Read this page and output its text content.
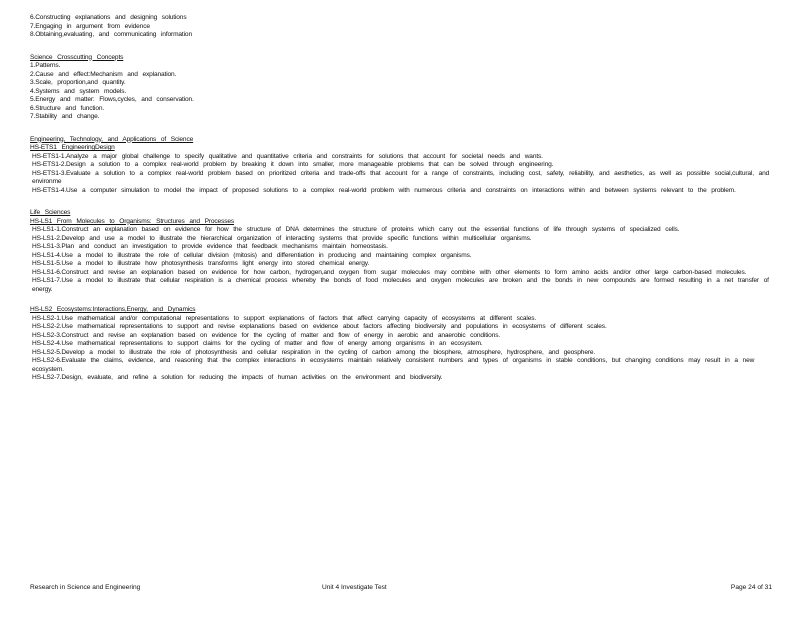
6.Constructing explanations and designing solutions
7.Engaging in argument from evidence
8.Obtaining,evaluating, and communicating information
Science Crosscutting Concepts
1.Patterns.
2.Cause and effect:Mechanism and explanation.
3.Scale, proportion,and quantity.
4.Systems and system models.
5.Energy and matter: Flows,cycles, and conservation.
6.Structure and function.
7.Stability and change.
Engineering, Technology, and Applications of Science
HS-ETS1 EngineeringDesign
HS-ETS1-1.Analyze a major global challenge to specify qualitative and quantitative criteria and constraints for solutions that account for societal needs and wants.
HS-ETS1-2.Design a solution to a complex real-world problem by breaking it down into smaller, more manageable problems that can be solved through engineering.
HS-ETS1-3.Evaluate a solution to a complex real-world problem based on prioritized criteria and trade-offs that account for a range of constraints, including cost, safety, reliability, and aesthetics, as well as possible social,cultural, and environme
HS-ETS1-4.Use a computer simulation to model the impact of proposed solutions to a complex real-world problem with numerous criteria and constraints on interactions within and between systems relevant to the problem.
Life Sciences
HS-LS1 From Molecules to Organisms: Structures and Processes
HS-LS1-1.Construct an explanation based on evidence for how the structure of DNA determines the structure of proteins which carry out the essential functions of life through systems of specialized cells.
HS-LS1-2.Develop and use a model to illustrate the hierarchical organization of interacting systems that provide specific functions within multicellular organisms.
HS-LS1-3.Plan and conduct an investigation to provide evidence that feedback mechanisms maintain homeostasis.
HS-LS1-4.Use a model to illustrate the role of cellular division (mitosis) and differentiation in producing and maintaining complex organisms.
HS-LS1-5.Use a model to illustrate how photosynthesis transforms light energy into stored chemical energy.
HS-LS1-6.Construct and revise an explanation based on evidence for how carbon, hydrogen,and oxygen from sugar molecules may combine with other elements to form amino acids and/or other large carbon-based molecules.
HS-LS1-7.Use a model to illustrate that cellular respiration is a chemical process whereby the bonds of food molecules and oxygen molecules are broken and the bonds in new compounds are formed resulting in a net transfer of energy.
HS-LS2 Ecosystems:Interactions,Energy, and Dynamics
HS-LS2-1.Use mathematical and/or computational representations to support explanations of factors that affect carrying capacity of ecosystems at different scales.
HS-LS2-2.Use mathematical representations to support and revise explanations based on evidence about factors affecting biodiversity and populations in ecosystems of different scales.
HS-LS2-3.Construct and revise an explanation based on evidence for the cycling of matter and flow of energy in aerobic and anaerobic conditions.
HS-LS2-4.Use mathematical representations to support claims for the cycling of matter and flow of energy among organisms in an ecosystem.
HS-LS2-5.Develop a model to illustrate the role of photosynthesis and cellular respiration in the cycling of carbon among the biosphere, atmosphere, hydrosphere, and geosphere.
HS-LS2-6.Evaluate the claims, evidence, and reasoning that the complex interactions in ecosystems maintain relatively consistent numbers and types of organisms in stable conditions, but changing conditions may result in a new ecosystem.
HS-LS2-7.Design, evaluate, and refine a solution for reducing the impacts of human activities on the environment and biodiversity.
Research in Science and Engineering	Unit 4 Investigate Test	Page 24 of 31
